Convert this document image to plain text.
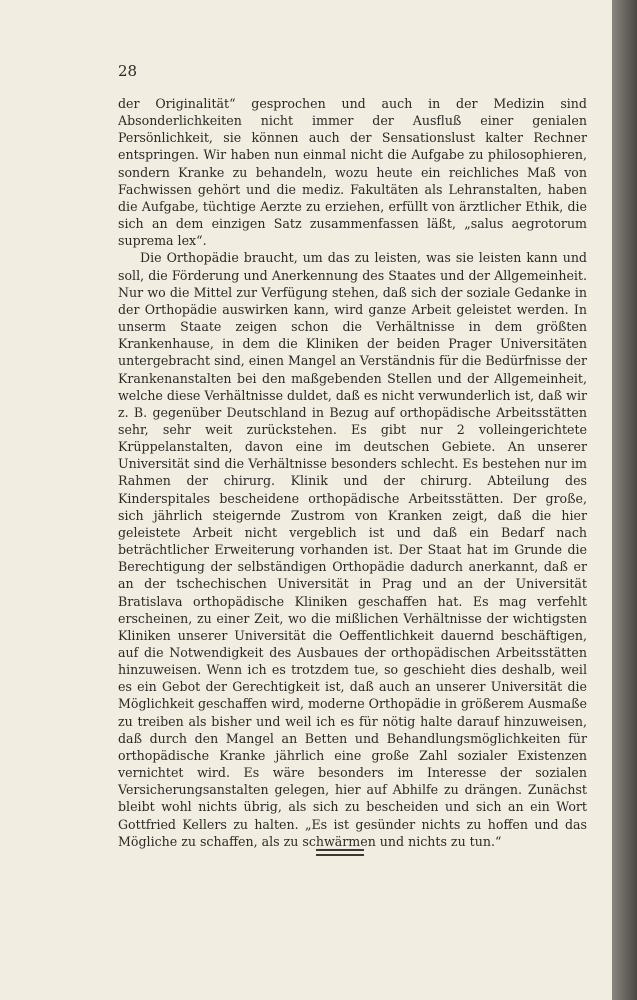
28

der Originalität“ gesprochen und auch in der Medizin sind Absonderlichkeiten nicht immer der Ausfluß einer genialen Persönlichkeit, sie können auch der Sensationslust kalter Rechner entspringen. Wir haben nun einmal nicht die Aufgabe zu philosophieren, sondern Kranke zu behandeln, wozu heute ein reichliches Maß von Fachwissen gehört und die mediz. Fakultäten als Lehranstalten, haben die Aufgabe, tüchtige Aerzte zu erziehen, erfüllt von ärztlicher Ethik, die sich an dem einzigen Satz zusammenfassen läßt, „salus aegrotorum suprema lex“.

Die Orthopädie braucht, um das zu leisten, was sie leisten kann und soll, die Förderung und Anerkennung des Staates und der Allgemeinheit. Nur wo die Mittel zur Verfügung stehen, daß sich der soziale Gedanke in der Orthopädie auswirken kann, wird ganze Arbeit geleistet werden. In unserm Staate zeigen schon die Verhältnisse in dem größten Krankenhause, in dem die Kliniken der beiden Prager Universitäten untergebracht sind, einen Mangel an Verständnis für die Bedürfnisse der Krankenanstalten bei den maßgebenden Stellen und der Allgemeinheit, welche diese Verhältnisse duldet, daß es nicht verwunderlich ist, daß wir z. B. gegenüber Deutschland in Bezug auf orthopädische Arbeitsstätten sehr, sehr weit zurückstehen. Es gibt nur 2 volleingerichtete Krüppelanstalten, davon eine im deutschen Gebiete. An unserer Universität sind die Verhältnisse besonders schlecht. Es bestehen nur im Rahmen der chirurg. Klinik und der chirurg. Abteilung des Kinderspitales bescheidene orthopädische Arbeitsstätten. Der große, sich jährlich steigernde Zustrom von Kranken zeigt, daß die hier geleistete Arbeit nicht vergeblich ist und daß ein Bedarf nach beträchtlicher Erweiterung vorhanden ist. Der Staat hat im Grunde die Berechtigung der selbständigen Orthopädie dadurch anerkannt, daß er an der tschechischen Universität in Prag und an der Universität Bratislava orthopädische Kliniken geschaffen hat. Es mag verfehlt erscheinen, zu einer Zeit, wo die mißlichen Verhältnisse der wichtigsten Kliniken unserer Universität die Oeffentlichkeit dauernd beschäftigen, auf die Notwendigkeit des Ausbaues der orthopädischen Arbeitsstätten hinzuweisen. Wenn ich es trotzdem tue, so geschieht dies deshalb, weil es ein Gebot der Gerechtigkeit ist, daß auch an unserer Universität die Möglichkeit geschaffen wird, moderne Orthopädie in größerem Ausmaße zu treiben als bisher und weil ich es für nötig halte darauf hinzuweisen, daß durch den Mangel an Betten und Behandlungsmöglichkeiten für orthopädische Kranke jährlich eine große Zahl sozialer Existenzen vernichtet wird. Es wäre besonders im Interesse der sozialen Versicherungsanstalten gelegen, hier auf Abhilfe zu drängen. Zunächst bleibt wohl nichts übrig, als sich zu bescheiden und sich an ein Wort Gottfried Kellers zu halten. „Es ist gesünder nichts zu hoffen und das Mögliche zu schaffen, als zu schwärmen und nichts zu tun.“
